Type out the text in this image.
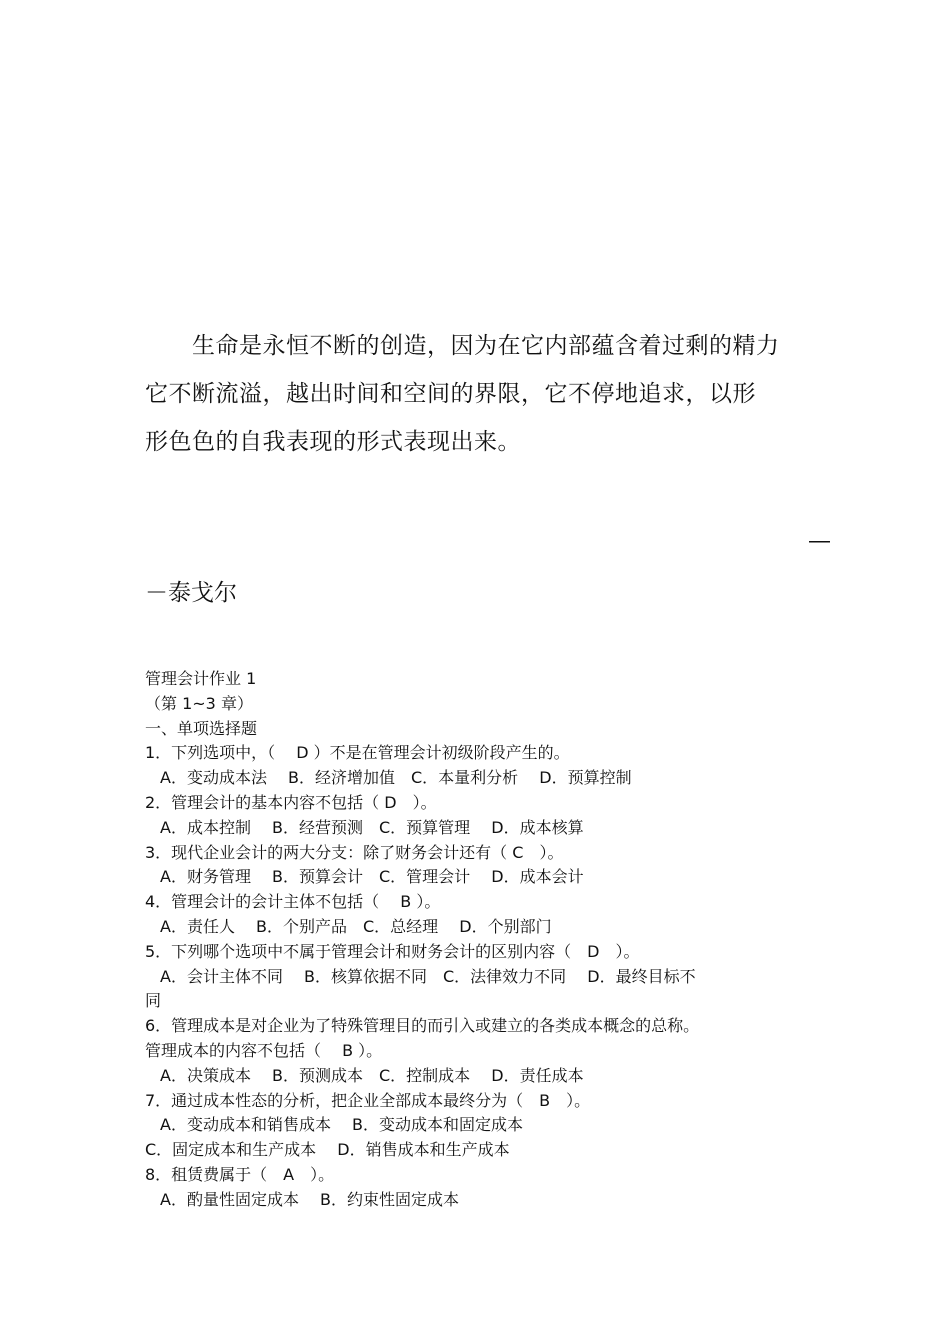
生命是永恒不断的创造，因为在它内部蕴含着过剩的精力
它不断流溢，越出时间和空间的界限，它不停地追求，以形
形色色的自我表现的形式表现出来。
—
－泰戈尔
管理会计作业 1
（第 1~3 章）
一、单项选择题
1．下列选项中，（　 D ）不是在管理会计初级阶段产生的。
A．变动成本法　 B．经济增加值　C．本量利分析　 D．预算控制
2．管理会计的基本内容不包括（ D　）。
A．成本控制　 B．经营预测　C．预算管理　 D．成本核算
3．现代企业会计的两大分支：除了财务会计还有（ C　）。
A．财务管理　 B．预算会计　C．管理会计　 D．成本会计
4．管理会计的会计主体不包括（　 B ）。
A．责任人　 B．个别产品　C．总经理　 D．个别部门
5．下列哪个选项中不属于管理会计和财务会计的区别内容（　D　）。
A．会计主体不同　 B．核算依据不同　C．法律效力不同　 D．最终目标不
同
6．管理成本是对企业为了特殊管理目的而引入或建立的各类成本概念的总称。
管理成本的内容不包括（　 B ）。
A．决策成本　 B．预测成本　C．控制成本　 D．责任成本
7．通过成本性态的分析，把企业全部成本最终分为（　B　）。
A．变动成本和销售成本　 B．变动成本和固定成本
C．固定成本和生产成本　 D．销售成本和生产成本
8．租赁费属于（　A　）。
A．酌量性固定成本　 B．约束性固定成本
